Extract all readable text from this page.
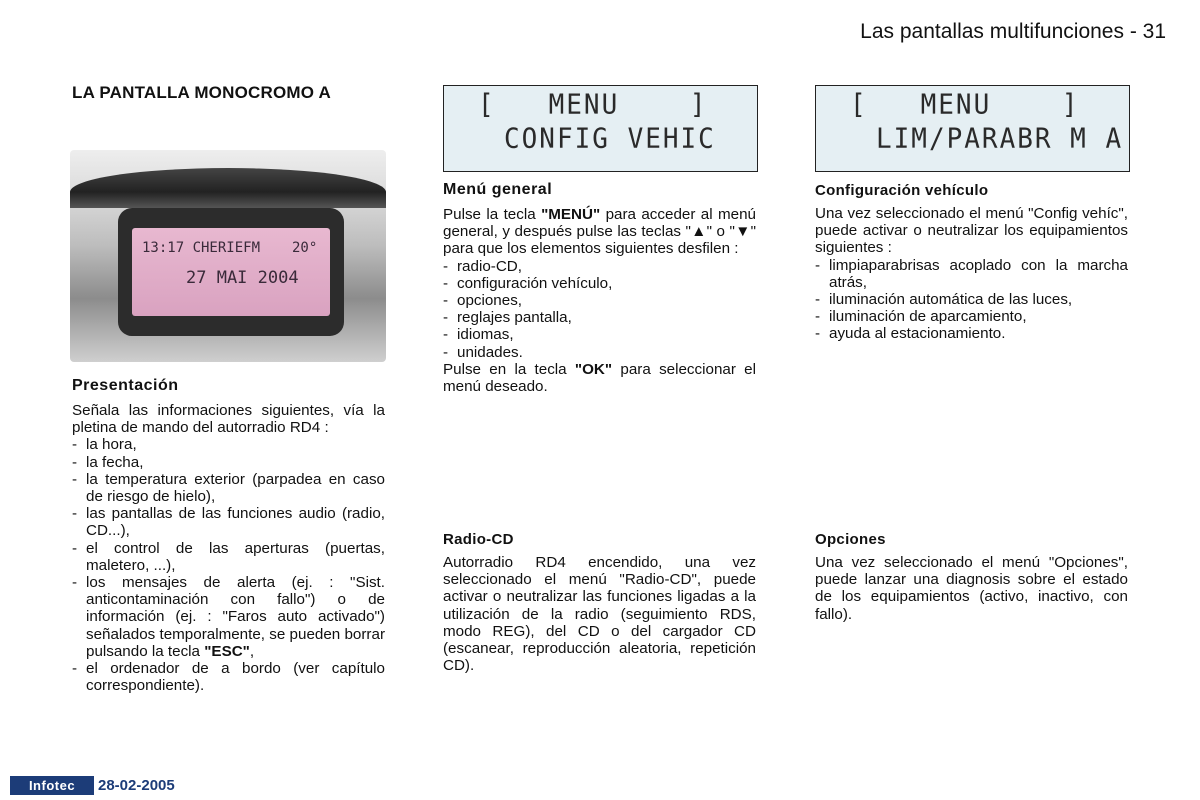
Las pantallas multifunciones - 31
LA PANTALLA MONOCROMO A
13:17 CHERIEFM 20°
27 MAI 2004
[   MENU    ]
CONFIG VEHIC
[   MENU    ]
LIM/PARABR M A
Presentación

Señala las informaciones siguientes, vía la pletina de mando del autorradio RD4 :

- la hora,
- la fecha,
- la temperatura exterior (parpadea en caso de riesgo de hielo),
- las pantallas de las funciones audio (radio, CD...),
- el control de las aperturas (puertas, maletero, ...),
- los mensajes de alerta (ej. : "Sist. anticontaminación con fallo") o de información (ej. : "Faros auto activado") señalados temporalmente, se pueden borrar pulsando la tecla "ESC",
- el ordenador de a bordo (ver capítulo correspondiente).
Menú general

Pulse la tecla "MENÚ" para acceder al menú general, y después pulse las teclas "▲" o "▼" para que los elementos siguientes desfilen :

- radio-CD,
- configuración vehículo,
- opciones,
- reglajes pantalla,
- idiomas,
- unidades.

Pulse en la tecla "OK" para seleccionar el menú deseado.

Radio-CD

Autorradio RD4 encendido, una vez seleccionado el menú "Radio-CD", puede activar o neutralizar las funciones ligadas a la utilización de la radio (seguimiento RDS, modo REG), del CD o del cargador CD (escanear, reproducción aleatoria, repetición CD).

Configuración vehículo

Una vez seleccionado el menú "Config vehíc", puede activar o neutralizar los equipamientos siguientes :

- limpiaparabrisas acoplado con la marcha atrás,
- iluminación automática de las luces,
- iluminación de aparcamiento,
- ayuda al estacionamiento.
Opciones

Una vez seleccionado el menú "Opciones", puede lanzar una diagnosis sobre el estado de los equipamientos (activo, inactivo, con fallo).

Infotec	28-02-2005
